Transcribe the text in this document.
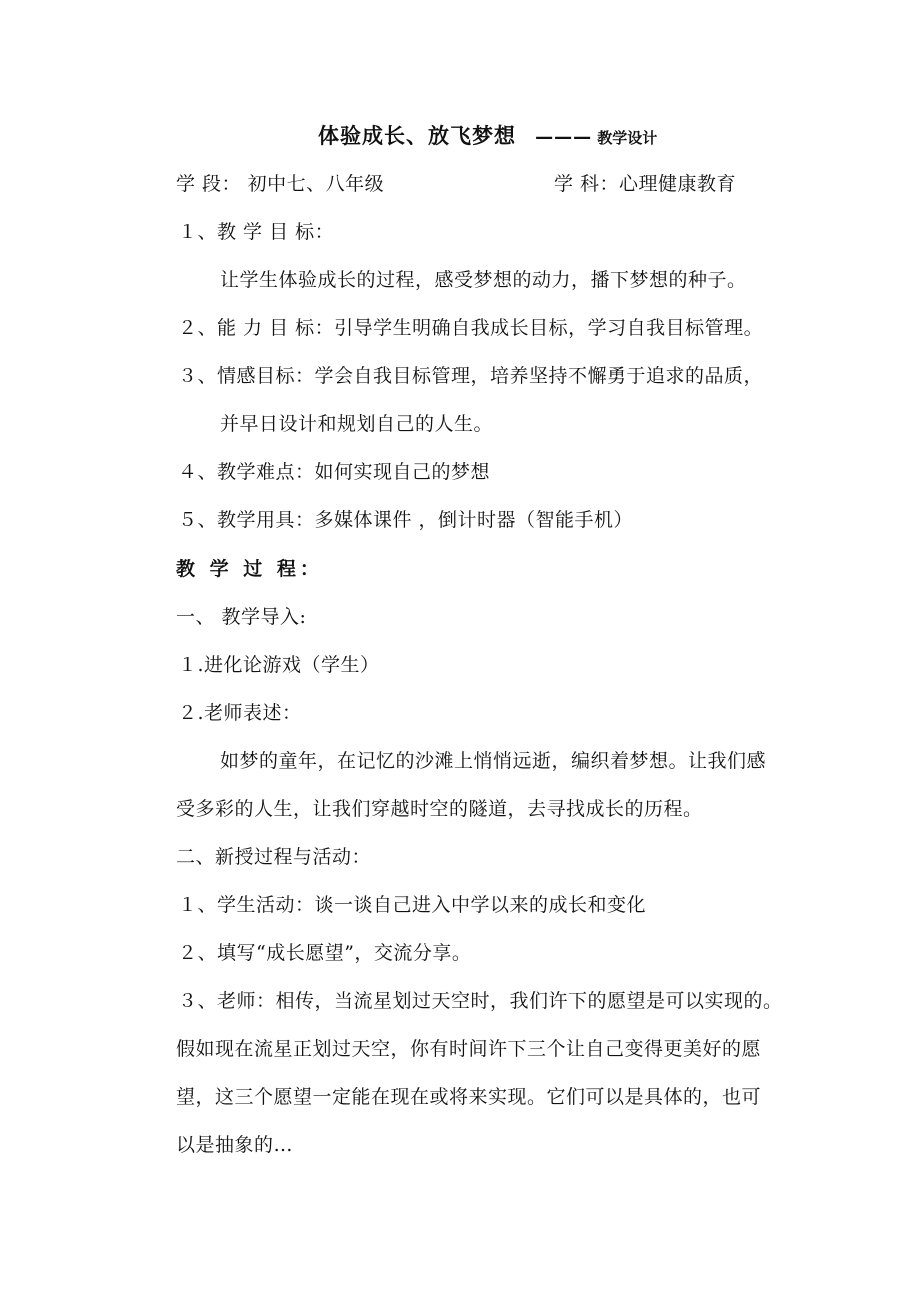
体验成长、放飞梦想 ——— 教学设计
学 段： 初中七、八年级	学 科：心理健康教育
１、教 学 目 标：
让学生体验成长的过程，感受梦想的动力，播下梦想的种子。
２、能 力 目 标：引导学生明确自我成长目标，学习自我目标管理。
３、情感目标：学会自我目标管理，培养坚持不懈勇于追求的品质，
并早日设计和规划自己的人生。
４、教学难点：如何实现自己的梦想
５、教学用具：多媒体课件 ，倒计时器（智能手机）
教 学 过 程：
一、 教学导入:
１.进化论游戏（学生）
２.老师表述：
如梦的童年，在记忆的沙滩上悄悄远逝，编织着梦想。让我们感
受多彩的人生，让我们穿越时空的隧道，去寻找成长的历程。
二、新授过程与活动：
１、学生活动：谈一谈自己进入中学以来的成长和变化
２、填写“成长愿望”，交流分享。
３、老师：相传，当流星划过天空时，我们许下的愿望是可以实现的。
假如现在流星正划过天空，你有时间许下三个让自己变得更美好的愿
望，这三个愿望一定能在现在或将来实现。它们可以是具体的，也可
以是抽象的…
